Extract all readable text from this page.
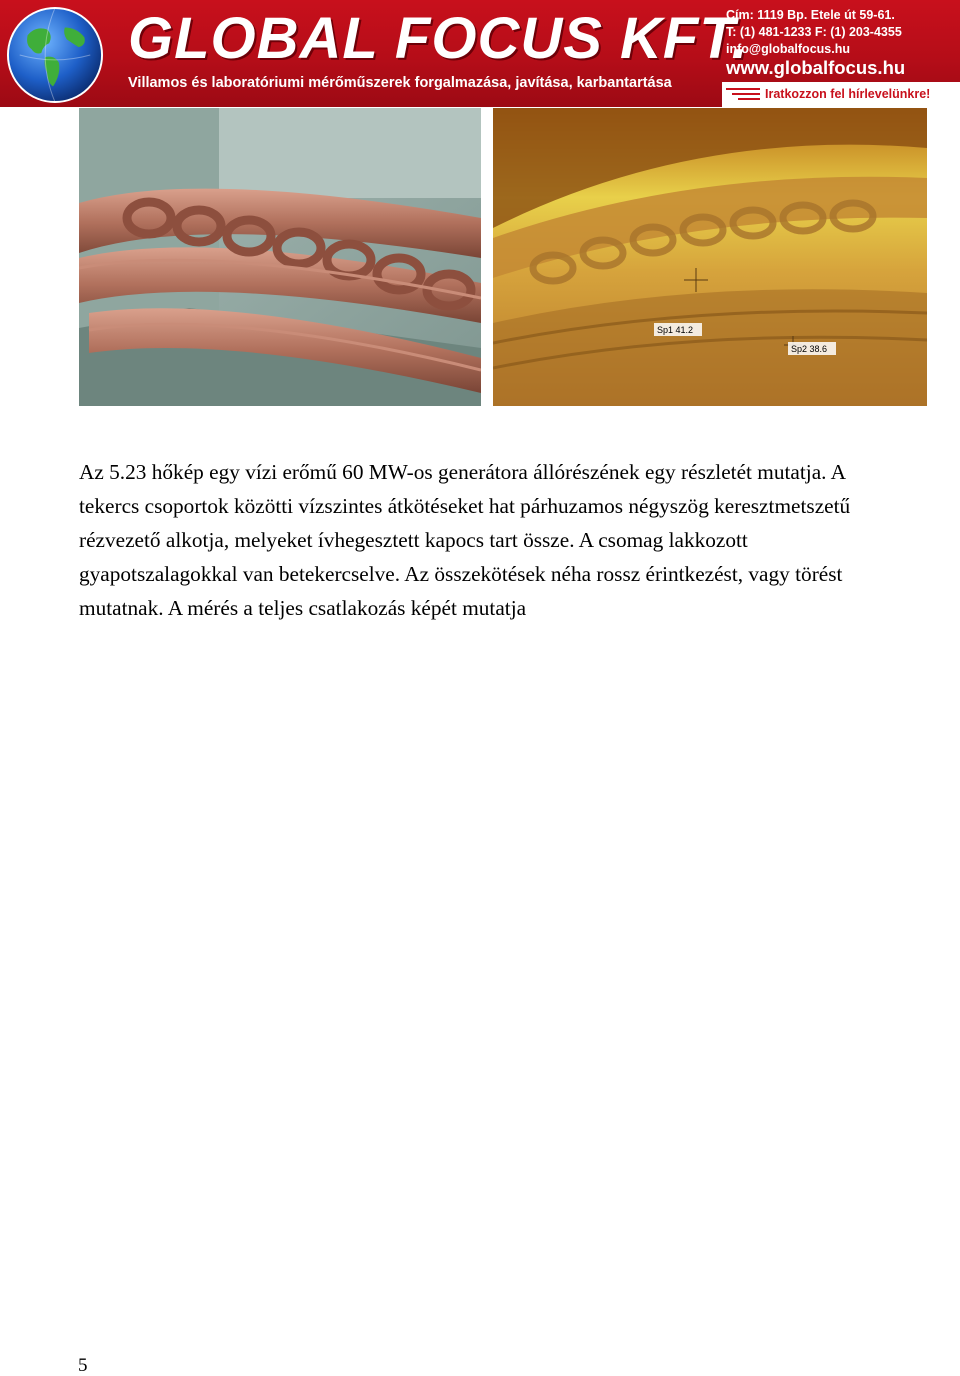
GLOBAL FOCUS KFT.
Villamos és laboratóriumi mérőműszerek forgalmazása, javítása, karbantartása
Cím: 1119 Bp. Etele út 59-61.
T: (1) 481-1233 F: (1) 203-4355
info@globalfocus.hu
www.globalfocus.hu
Iratkozzon fel hírlevelünkre!
Sp1 41.2
Sp2 38.6

Az 5.23 hőkép egy vízi erőmű 60 MW-os generátora állórészének egy részletét mutatja. A tekercs csoportok közötti vízszintes átkötéseket hat párhuzamos négyszög keresztmetszetű rézvezető alkotja, melyeket ívhegesztett kapocs tart össze. A csomag lakkozott gyapotszalagokkal van betekercselve. Az összekötések néha rossz érintkezést, vagy törést mutatnak. A mérés a teljes csatlakozás képét mutatja

5
